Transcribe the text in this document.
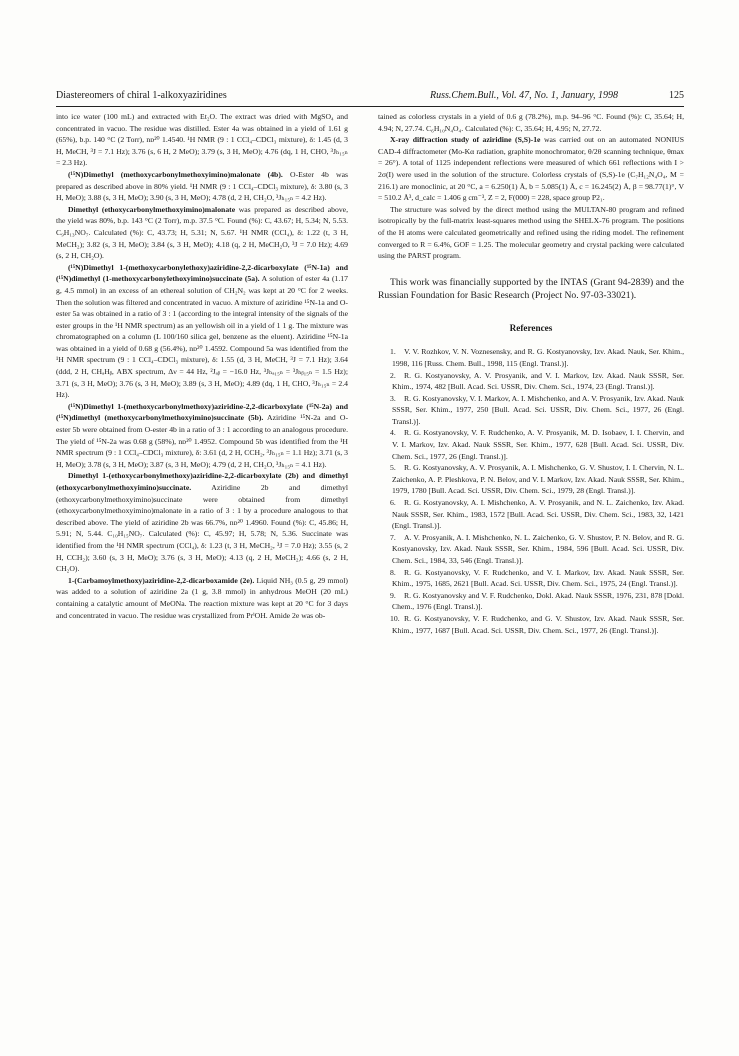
Diastereomers of chiral 1-alkoxyaziridines	Russ.Chem.Bull., Vol. 47, No. 1, January, 1998	125

into ice water (100 mL) and extracted with Et₂O. The extract was dried with MgSO₄ and concentrated in vacuo. The residue was distilled. Ester 4a was obtained in a yield of 1.61 g (65%), b.p. 140 °C (2 Torr), nᴅ²⁰ 1.4540. ¹H NMR (9 : 1 CCl₄–CDCl₃ mixture), δ: 1.45 (d, 3 H, MeCH, ³J = 7.1 Hz); 3.76 (s, 6 H, 2 MeO); 3.79 (s, 3 H, MeO); 4.76 (dq, 1 H, CHO, ³Jₕ₁₅ₙ = 2.3 Hz).

(¹⁵N)Dimethyl (methoxycarbonylmethoxyimino)malonate (4b). O-Ester 4b was prepared as described above in 80% yield. ¹H NMR (9 : 1 CCl₄–CDCl₃ mixture), δ: 3.80 (s, 3 H, MeO); 3.88 (s, 3 H, MeO); 3.90 (s, 3 H, MeO); 4.78 (d, 2 H, CH₂O, ³Jₕ₁₅ₙ = 4.2 Hz).

Dimethyl (ethoxycarbonylmethoxyimino)malonate was prepared as described above, the yield was 80%, b.p. 143 °C (2 Torr), m.p. 37.5 °C. Found (%): C, 43.67; H, 5.34; N, 5.53. C₉H₁₃NO₇. Calculated (%): C, 43.73; H, 5.31; N, 5.67. ¹H NMR (CCl₄), δ: 1.22 (t, 3 H, MeCH₂); 3.82 (s, 3 H, MeO); 3.84 (s, 3 H, MeO); 4.18 (q, 2 H, MeCH₂O, ³J = 7.0 Hz); 4.69 (s, 2 H, CH₂O).

(¹⁵N)Dimethyl 1-(methoxycarbonylethoxy)aziridine-2,2-dicarboxylate (¹⁵N-1a) and (¹⁵N)dimethyl (1-methoxycarbonylethoxyimino)succinate (5a). A solution of ester 4a (1.17 g, 4.5 mmol) in an excess of an ethereal solution of CH₂N₂ was kept at 20 °C for 2 weeks. Then the solution was filtered and concentrated in vacuo. A mixture of aziridine ¹⁵N-1a and O-ester 5a was obtained in a ratio of 3 : 1 (according to the integral intensity of the signals of the ester groups in the ¹H NMR spectrum) as an yellowish oil in a yield of 1 1 g. The mixture was chromatographed on a column (L 100/160 silica gel, benzene as the eluent). Aziridine ¹⁵N-1a was obtained in a yield of 0.68 g (56.4%), nᴅ²⁰ 1.4592. Compound 5a was identified from the ¹H NMR spectrum (9 : 1 CCl₄–CDCl₃ mixture), δ: 1.55 (d, 3 H, MeCH, ³J = 7.1 Hz); 3.64 (ddd, 2 H, CHₐHᵦ, ABX spectrum, Δν = 44 Hz, ²Jₐᵦ = −16.0 Hz, ³Jₕₐ₁₅ₙ = ³Jₕᵦ₁₅ₙ = 1.5 Hz); 3.71 (s, 3 H, MeO); 3.76 (s, 3 H, MeO); 3.89 (s, 3 H, MeO); 4.89 (dq, 1 H, CHO, ³Jₕ₁₅ₙ = 2.4 Hz).

(¹⁵N)Dimethyl 1-(methoxycarbonylmethoxy)aziridine-2,2-dicarboxylate (¹⁵N-2a) and (¹⁵N)dimethyl (methoxycarbonylmethoxyimino)succinate (5b). Aziridine ¹⁵N-2a and O-ester 5b were obtained from O-ester 4b in a ratio of 3 : 1 according to an analogous procedure. The yield of ¹⁵N-2a was 0.68 g (58%), nᴅ²⁰ 1.4952. Compound 5b was identified from the ¹H NMR spectrum (9 : 1 CCl₄–CDCl₃ mixture), δ: 3.61 (d, 2 H, CCH₂, ³Jₕ₁₅ₙ = 1.1 Hz); 3.71 (s, 3 H, MeO); 3.78 (s, 3 H, MeO); 3.87 (s, 3 H, MeO); 4.79 (d, 2 H, CH₂O, ³Jₕ₁₅ₙ = 4.1 Hz).

Dimethyl 1-(ethoxycarbonylmethoxy)aziridine-2,2-dicarboxylate (2b) and dimethyl (ethoxycarbonylmethoxyimino)succinate. Aziridine 2b and dimethyl (ethoxycarbonylmethoxyimino)succinate were obtained from dimethyl (ethoxycarbonylmethoxyimino)malonate in a ratio of 3 : 1 by a procedure analogous to that described above. The yield of aziridine 2b was 66.7%, nᴅ²⁰ 1.4960. Found (%): C, 45.86; H, 5.91; N, 5.44. C₁₀H₁₅NO₇. Calculated (%): C, 45.97; H, 5.78; N, 5.36. Succinate was identified from the ¹H NMR spectrum (CCl₄), δ: 1.23 (t, 3 H, MeCH₂, ³J = 7.0 Hz); 3.55 (s, 2 H, CCH₂); 3.60 (s, 3 H, MeO); 3.76 (s, 3 H, MeO); 4.13 (q, 2 H, MeCH₂); 4.66 (s, 2 H, CH₂O).

1-(Carbamoylmethoxy)aziridine-2,2-dicarboxamide (2e). Liquid NH₃ (0.5 g, 29 mmol) was added to a solution of aziridine 2a (1 g, 3.8 mmol) in anhydrous MeOH (20 mL) containing a catalytic amount of MeONa. The reaction mixture was kept at 20 °C for 3 days and concentrated in vacuo. The residue was crystallized from PrⁱOH. Amide 2e was ob-

tained as colorless crystals in a yield of 0.6 g (78.2%), m.p. 94–96 °C. Found (%): C, 35.64; H, 4.94; N, 27.74. C₆H₁₀N₄O₄. Calculated (%): C, 35.64; H, 4.95; N, 27.72.

X-ray diffraction study of aziridine (S,S)-1e was carried out on an automated NONIUS CAD-4 diffractometer (Mo-Kα radiation, graphite monochromator, θ/2θ scanning technique, θmax = 26°). A total of 1125 independent reflections were measured of which 661 reflections with I > 2σ(I) were used in the solution of the structure. Colorless crystals of (S,S)-1e (C₇H₁₂N₄O₄, M = 216.1) are monoclinic, at 20 °C, a = 6.250(1) Å, b = 5.085(1) Å, c = 16.245(2) Å, β = 98.77(1)°, V = 510.2 Å³, d_calc = 1.406 g cm⁻³, Z = 2, F(000) = 228, space group P2₁.

The structure was solved by the direct method using the MULTAN-80 program and refined isotropically by the full-matrix least-squares method using the SHELX-76 program. The positions of the H atoms were calculated geometrically and refined using the riding model. The refinement converged to R = 6.4%, GOF = 1.25. The molecular geometry and crystal packing were calculated using the PARST program.

This work was financially supported by the INTAS (Grant 94-2839) and the Russian Foundation for Basic Research (Project No. 97-03-33021).

References

1. V. V. Rozhkov, V. N. Voznesensky, and R. G. Kostyanovsky, Izv. Akad. Nauk, Ser. Khim., 1998, 116 [Russ. Chem. Bull., 1998, 115 (Engl. Transl.)].

2. R. G. Kostyanovsky, A. V. Prosyanik, and V. I. Markov, Izv. Akad. Nauk SSSR, Ser. Khim., 1974, 482 [Bull. Acad. Sci. USSR, Div. Chem. Sci., 1974, 23 (Engl. Transl.)].

3. R. G. Kostyanovsky, V. I. Markov, A. I. Mishchenko, and A. V. Prosyanik, Izv. Akad. Nauk SSSR, Ser. Khim., 1977, 250 [Bull. Acad. Sci. USSR, Div. Chem. Sci., 1977, 26 (Engl. Transl.)].

4. R. G. Kostyanovsky, V. F. Rudchenko, A. V. Prosyanik, M. D. Isobaev, I. I. Chervin, and V. I. Markov, Izv. Akad. Nauk SSSR, Ser. Khim., 1977, 628 [Bull. Acad. Sci. USSR, Div. Chem. Sci., 1977, 26 (Engl. Transl.)].

5. R. G. Kostyanovsky, A. V. Prosyanik, A. I. Mishchenko, G. V. Shustov, I. I. Chervin, N. L. Zaichenko, A. P. Pleshkova, P. N. Belov, and V. I. Markov, Izv. Akad. Nauk SSSR, Ser. Khim., 1979, 1780 [Bull. Acad. Sci. USSR, Div. Chem. Sci., 1979, 28 (Engl. Transl.)].

6. R. G. Kostyanovsky, A. I. Mishchenko, A. V. Prosyanik, and N. L. Zaichenko, Izv. Akad. Nauk SSSR, Ser. Khim., 1983, 1572 [Bull. Acad. Sci. USSR, Div. Chem. Sci., 1983, 32, 1421 (Engl. Transl.)].

7. A. V. Prosyanik, A. I. Mishchenko, N. L. Zaichenko, G. V. Shustov, P. N. Belov, and R. G. Kostyanovsky, Izv. Akad. Nauk SSSR, Ser. Khim., 1984, 596 [Bull. Acad. Sci. USSR, Div. Chem. Sci., 1984, 33, 546 (Engl. Transl.)].

8. R. G. Kostyanovsky, V. F. Rudchenko, and V. I. Markov, Izv. Akad. Nauk SSSR, Ser. Khim., 1975, 1685, 2621 [Bull. Acad. Sci. USSR, Div. Chem. Sci., 1975, 24 (Engl. Transl.)].

9. R. G. Kostyanovsky and V. F. Rudchenko, Dokl. Akad. Nauk SSSR, 1976, 231, 878 [Dokl. Chem., 1976 (Engl. Transl.)].

10. R. G. Kostyanovsky, V. F. Rudchenko, and G. V. Shustov, Izv. Akad. Nauk SSSR, Ser. Khim., 1977, 1687 [Bull. Acad. Sci. USSR, Div. Chem. Sci., 1977, 26 (Engl. Transl.)].
